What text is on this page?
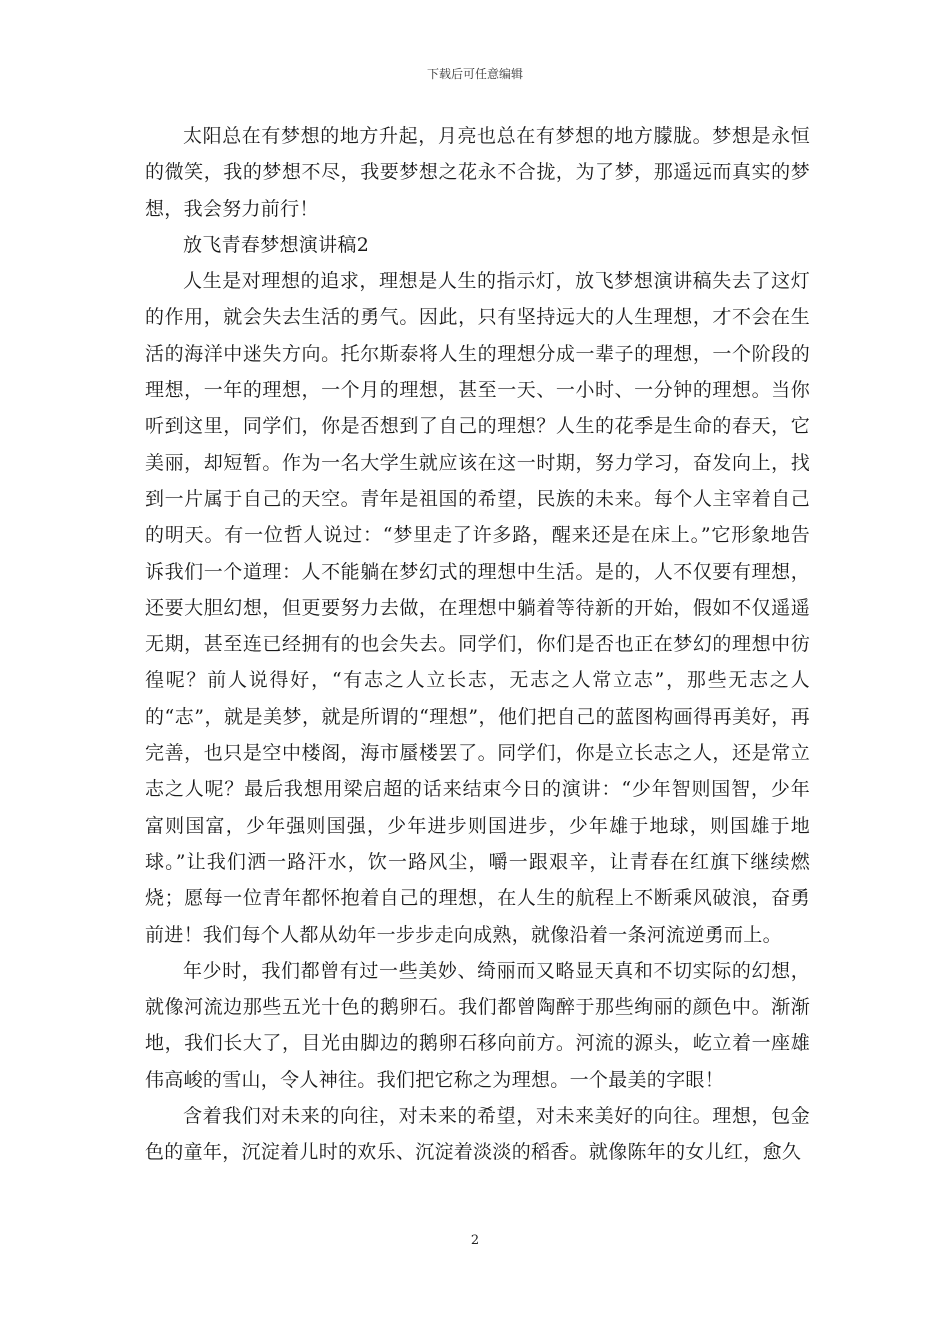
下载后可任意编辑

太阳总在有梦想的地方升起，月亮也总在有梦想的地方朦胧。梦想是永恒的微笑，我的梦想不尽，我要梦想之花永不合拢，为了梦，那遥远而真实的梦想，我会努力前行！

放飞青春梦想演讲稿2

人生是对理想的追求，理想是人生的指示灯，放飞梦想演讲稿失去了这灯的作用，就会失去生活的勇气。因此，只有坚持远大的人生理想，才不会在生活的海洋中迷失方向。托尔斯泰将人生的理想分成一辈子的理想，一个阶段的理想，一年的理想，一个月的理想，甚至一天、一小时、一分钟的理想。当你听到这里，同学们，你是否想到了自己的理想？人生的花季是生命的春天，它美丽，却短暂。作为一名大学生就应该在这一时期，努力学习，奋发向上，找到一片属于自己的天空。青年是祖国的希望，民族的未来。每个人主宰着自己的明天。有一位哲人说过：“梦里走了许多路，醒来还是在床上。”它形象地告诉我们一个道理：人不能躺在梦幻式的理想中生活。是的，人不仅要有理想，还要大胆幻想，但更要努力去做，在理想中躺着等待新的开始，假如不仅遥遥无期，甚至连已经拥有的也会失去。同学们，你们是否也正在梦幻的理想中彷徨呢？前人说得好，“有志之人立长志，无志之人常立志”，那些无志之人的“志”，就是美梦，就是所谓的“理想”，他们把自己的蓝图构画得再美好，再完善，也只是空中楼阁，海市蜃楼罢了。同学们，你是立长志之人，还是常立志之人呢？最后我想用梁启超的话来结束今日的演讲：“少年智则国智，少年富则国富，少年强则国强，少年进步则国进步，少年雄于地球，则国雄于地球。”让我们洒一路汗水，饮一路风尘，嚼一跟艰辛，让青春在红旗下继续燃烧；愿每一位青年都怀抱着自己的理想，在人生的航程上不断乘风破浪，奋勇前进！我们每个人都从幼年一步步走向成熟，就像沿着一条河流逆勇而上。

年少时，我们都曾有过一些美妙、绮丽而又略显天真和不切实际的幻想，就像河流边那些五光十色的鹅卵石。我们都曾陶醉于那些绚丽的颜色中。渐渐地，我们长大了，目光由脚边的鹅卵石移向前方。河流的源头，屹立着一座雄伟高峻的雪山，令人神往。我们把它称之为理想。一个最美的字眼！

含着我们对未来的向往，对未来的希望，对未来美好的向往。理想，包金色的童年，沉淀着儿时的欢乐、沉淀着淡淡的稻香。就像陈年的女儿红，愈久

2
